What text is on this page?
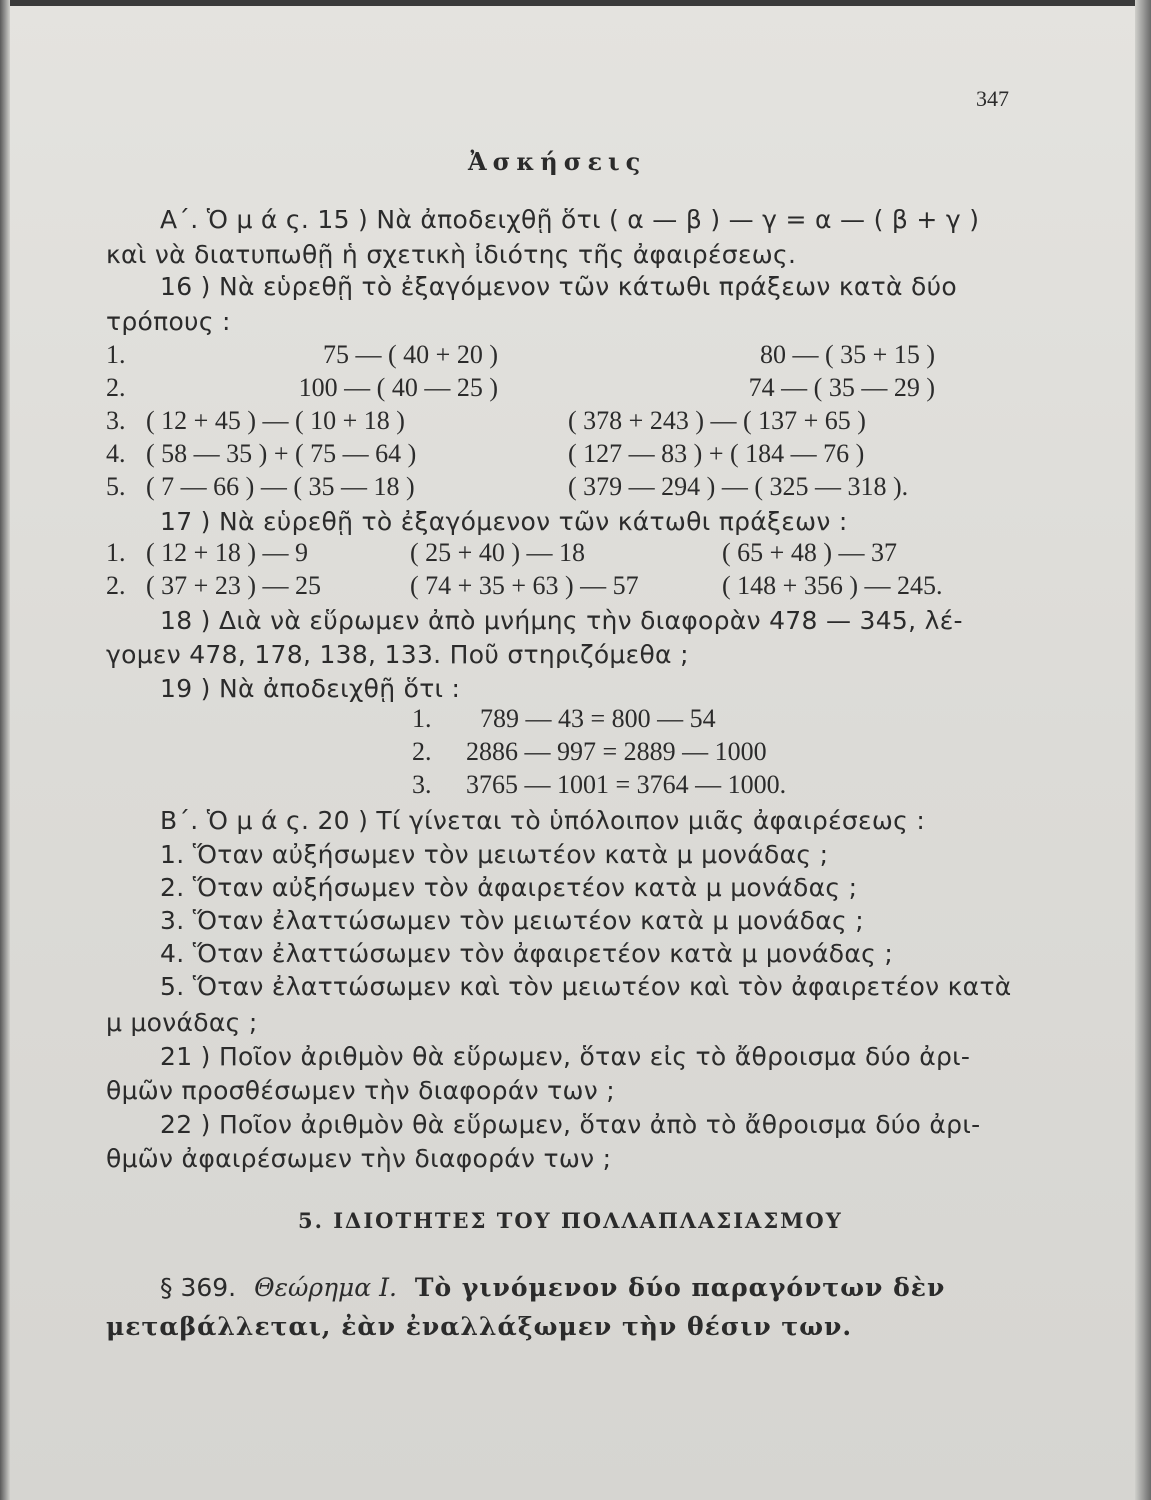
347
Ἀσκήσεις
Α΄. Ὁ μ ά ς. 15 ) Νὰ ἀποδειχθῇ ὅτι ( α — β ) — γ = α — ( β + γ )
καὶ νὰ διατυπωθῇ ἡ σχετικὴ ἰδιότης τῆς ἀφαιρέσεως.
16 ) Νὰ εὑρεθῇ τὸ ἐξαγόμενον τῶν κάτωθι πράξεων κατὰ δύο
τρόπους :
1.	75 — ( 40 + 20 )	80 — ( 35 + 15 )
2.	100 — ( 40 — 25 )	74 — ( 35 — 29 )
3. ( 12 + 45 ) — ( 10 + 18 )	( 378 + 243 ) — ( 137 + 65 )
4. ( 58 — 35 ) + ( 75 — 64 )	( 127 — 83 ) + ( 184 — 76 )
5. ( 7 — 66 ) — ( 35 — 18 )	( 379 — 294 ) — ( 325 — 318 ).
17 ) Νὰ εὑρεθῇ τὸ ἐξαγόμενον τῶν κάτωθι πράξεων :
1. ( 12 + 18 ) — 9	( 25 + 40 ) — 18	( 65 + 48 ) — 37
2. ( 37 + 23 ) — 25	( 74 + 35 + 63 ) — 57	( 148 + 356 ) — 245.
18 ) Διὰ νὰ εὕρωμεν ἀπὸ μνήμης τὴν διαφορὰν 478 — 345, λέ-
γομεν 478, 178, 138, 133. Ποῦ στηριζόμεθα ;
19 ) Νὰ ἀποδειχθῇ ὅτι :
1. 789 — 43 = 800 — 54
2. 2886 — 997 = 2889 — 1000
3. 3765 — 1001 = 3764 — 1000.
Β΄. Ὁ μ ά ς. 20 ) Τί γίνεται τὸ ὑπόλοιπον μιᾶς ἀφαιρέσεως :
1. Ὅταν αὐξήσωμεν τὸν μειωτέον κατὰ μ μονάδας ;
2. Ὅταν αὐξήσωμεν τὸν ἀφαιρετέον κατὰ μ μονάδας ;
3. Ὅταν ἐλαττώσωμεν τὸν μειωτέον κατὰ μ μονάδας ;
4. Ὅταν ἐλαττώσωμεν τὸν ἀφαιρετέον κατὰ μ μονάδας ;
5. Ὅταν ἐλαττώσωμεν καὶ τὸν μειωτέον καὶ τὸν ἀφαιρετέον κατὰ
μ μονάδας ;
21 ) Ποῖον ἀριθμὸν θὰ εὕρωμεν, ὅταν εἰς τὸ ἄθροισμα δύο ἀρι-
θμῶν προσθέσωμεν τὴν διαφοράν των ;
22 ) Ποῖον ἀριθμὸν θὰ εὕρωμεν, ὅταν ἀπὸ τὸ ἄθροισμα δύο ἀρι-
θμῶν ἀφαιρέσωμεν τὴν διαφοράν των ;
5. ΙΔΙΟΤΗΤΕΣ ΤΟΥ ΠΟΛΛΑΠΛΑΣΙΑΣΜΟΥ
§ 369. Θεώρημα Ι. Τὸ γινόμενον δύο παραγόντων δὲν
μεταβάλλεται, ἐὰν ἐναλλάξωμεν τὴν θέσιν των.
